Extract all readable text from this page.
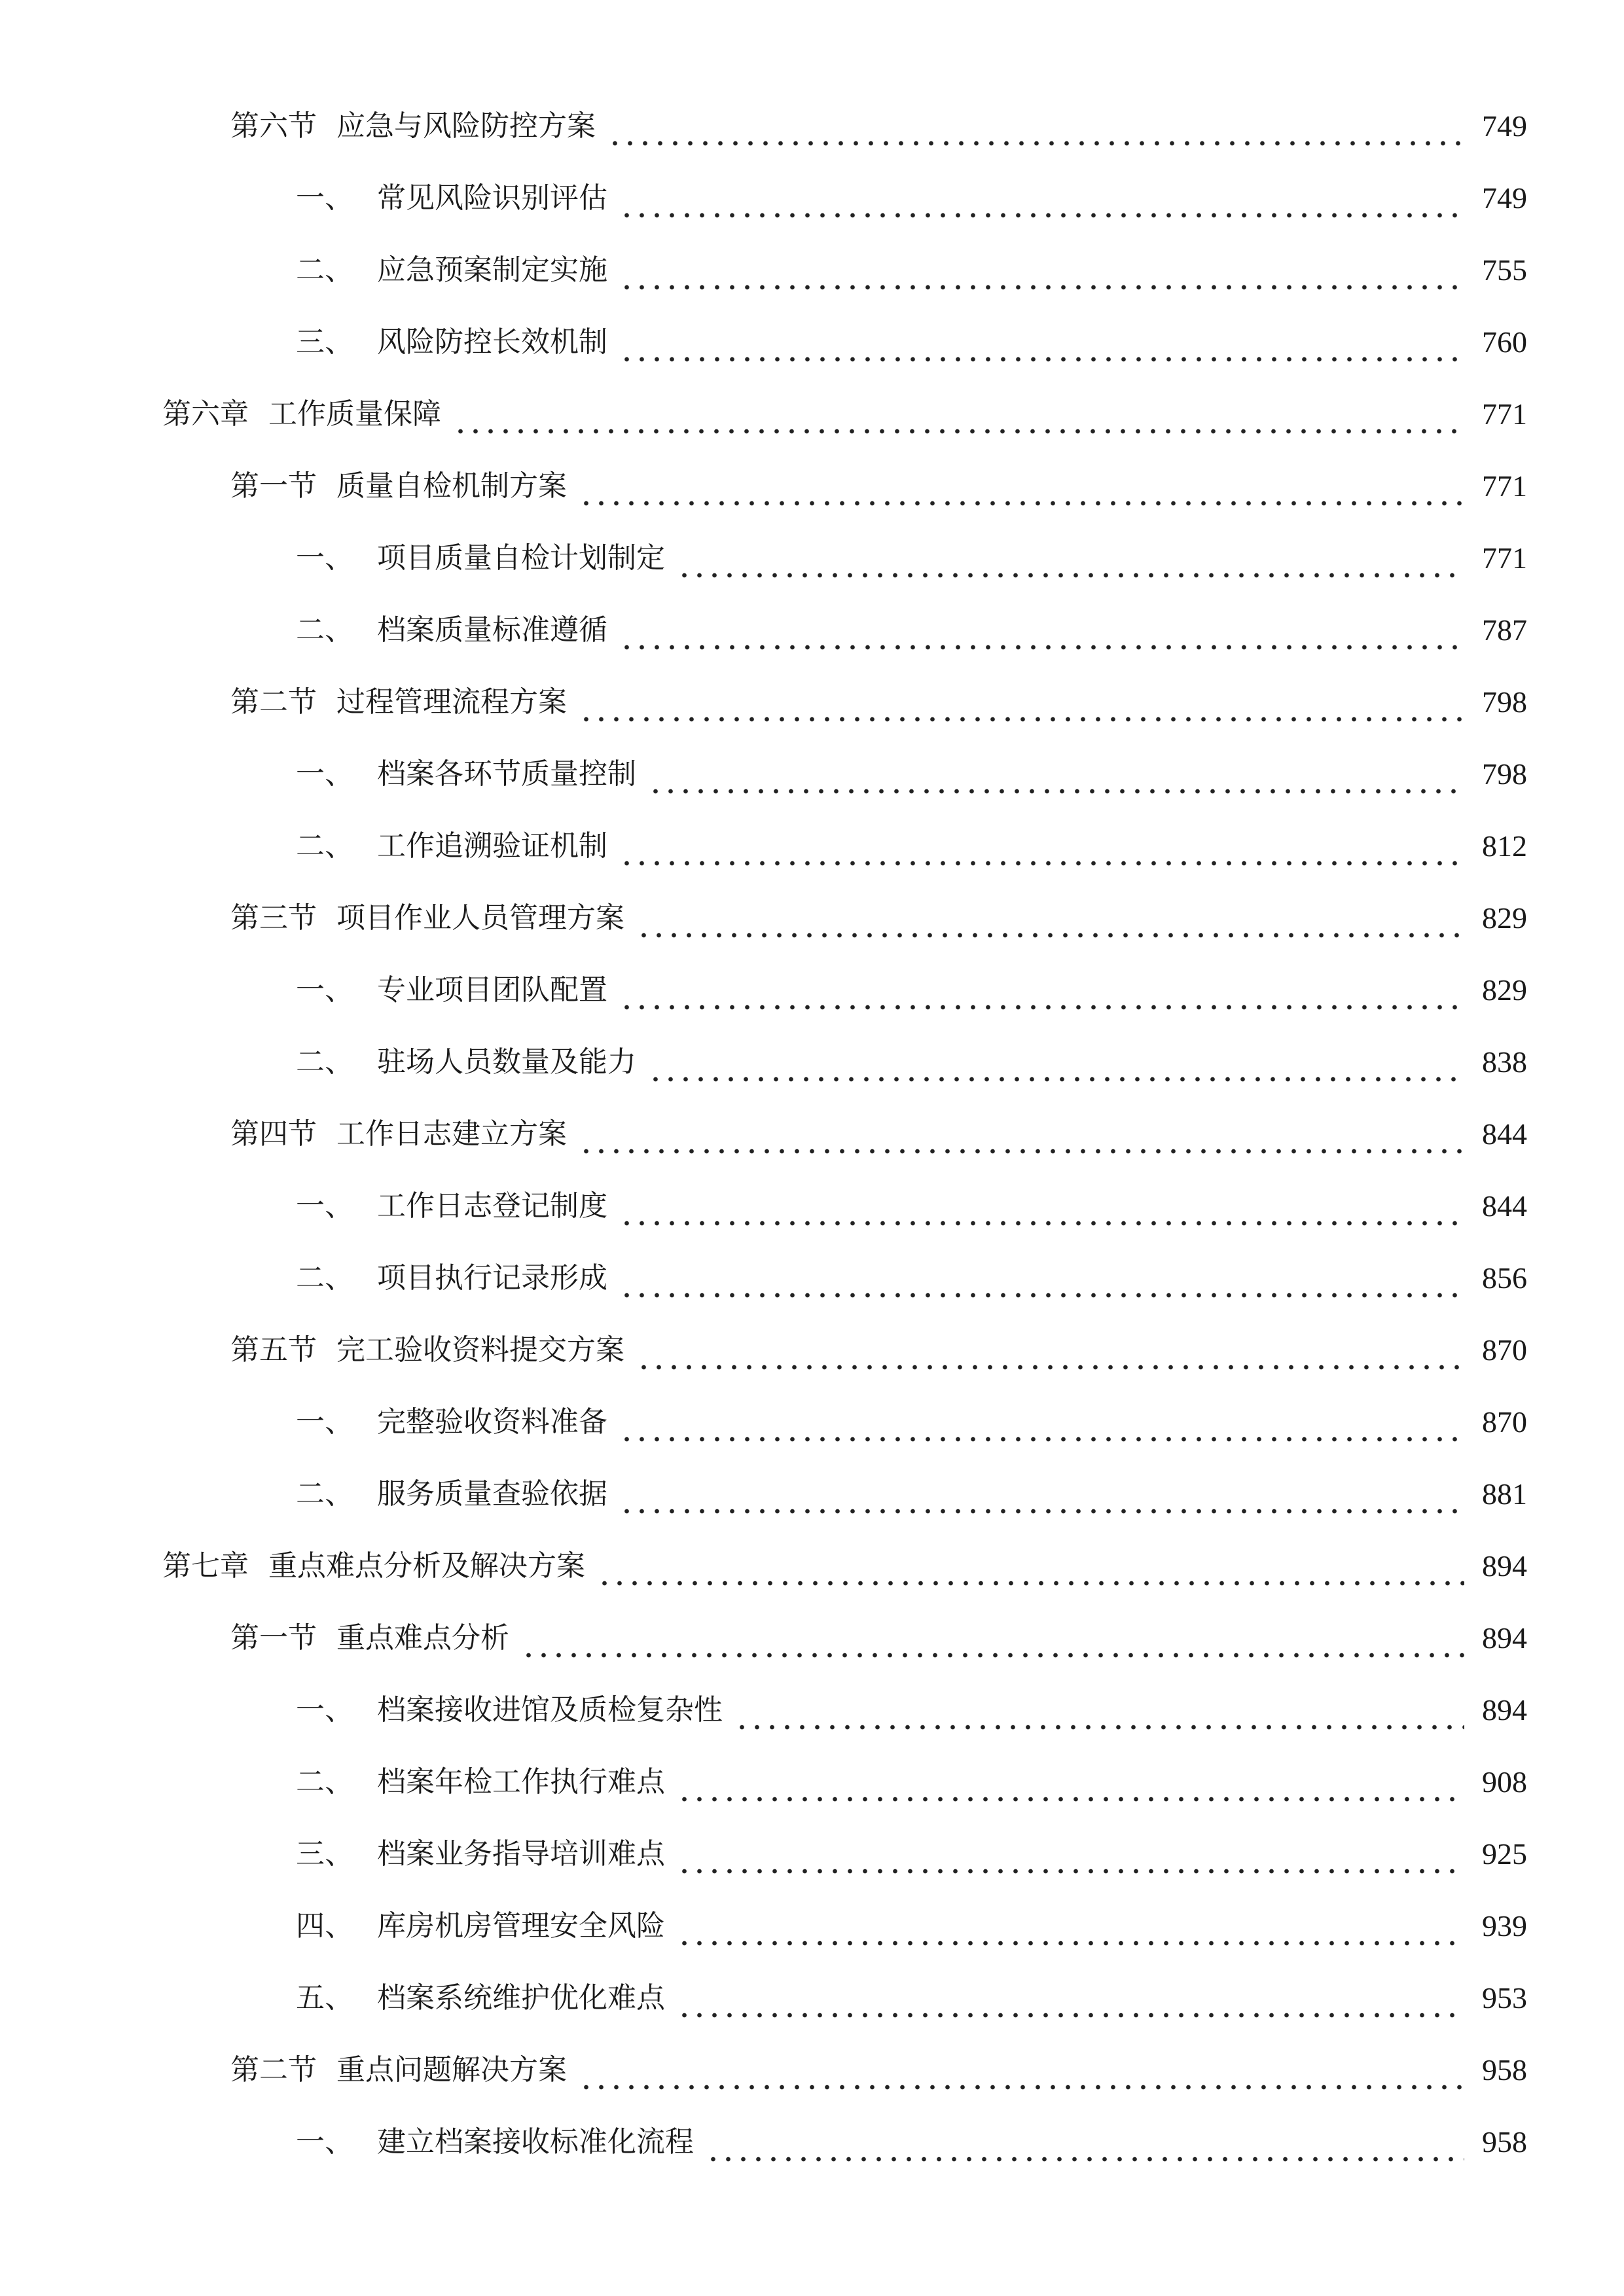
第六节 应急与风险防控方案	749
一、 常见风险识别评估	749
二、 应急预案制定实施	755
三、 风险防控长效机制	760
第六章 工作质量保障	771
第一节 质量自检机制方案	771
一、 项目质量自检计划制定	771
二、 档案质量标准遵循	787
第二节 过程管理流程方案	798
一、 档案各环节质量控制	798
二、 工作追溯验证机制	812
第三节 项目作业人员管理方案	829
一、 专业项目团队配置	829
二、 驻场人员数量及能力	838
第四节 工作日志建立方案	844
一、 工作日志登记制度	844
二、 项目执行记录形成	856
第五节 完工验收资料提交方案	870
一、 完整验收资料准备	870
二、 服务质量查验依据	881
第七章 重点难点分析及解决方案	894
第一节 重点难点分析	894
一、 档案接收进馆及质检复杂性	894
二、 档案年检工作执行难点	908
三、 档案业务指导培训难点	925
四、 库房机房管理安全风险	939
五、 档案系统维护优化难点	953
第二节 重点问题解决方案	958
一、 建立档案接收标准化流程	958
